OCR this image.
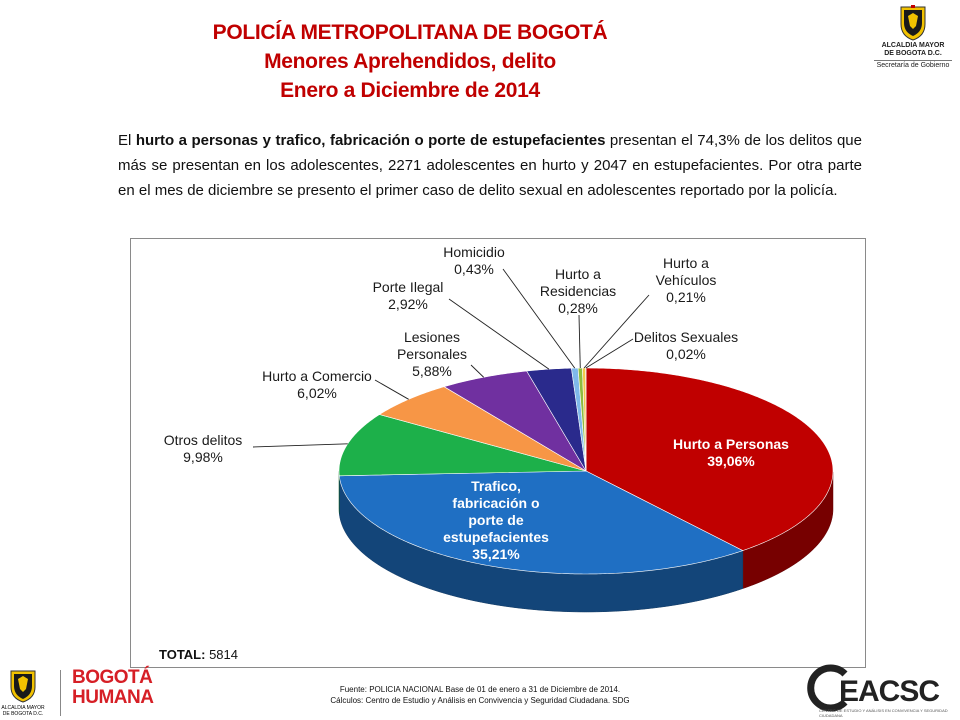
POLICÍA METROPOLITANA DE BOGOTÁ
Menores Aprehendidos, delito
Enero a Diciembre de 2014
ALCALDIA MAYOR
DE BOGOTA D.C.
Secretaría de Gobierno
El hurto a personas y trafico, fabricación o porte de estupefacientes presentan el 74,3% de los delitos que más se presentan en los adolescentes, 2271 adolescentes en hurto y 2047 en estupefacientes. Por otra parte en el mes de diciembre se presento el primer caso de delito sexual en adolescentes reportado por la policía.
Hurto a Personas
39,06%
Trafico,
fabricación o
porte de
estupefacientes
35,21%
Otros delitos
9,98%
Hurto a Comercio
6,02%
Lesiones
Personales
5,88%
Porte Ilegal
2,92%
Homicidio
0,43%	Hurto a
Residencias
0,28%
Hurto a
Vehículos
0,21%
Delitos Sexuales
0,02%
TOTAL: 5814
ALCALDIA MAYOR
DE BOGOTA D.C.
BOGOTÁ
HUMANA	Fuente: POLICIA NACIONAL Base de 01 de enero a 31 de Diciembre de 2014.
Cálculos: Centro de Estudio y Análisis en Convivencia y Seguridad Ciudadana. SDG	EACSC
CENTRO DE ESTUDIO Y ANÁLISIS EN CONVIVENCIA Y SEGURIDAD CIUDADANA
